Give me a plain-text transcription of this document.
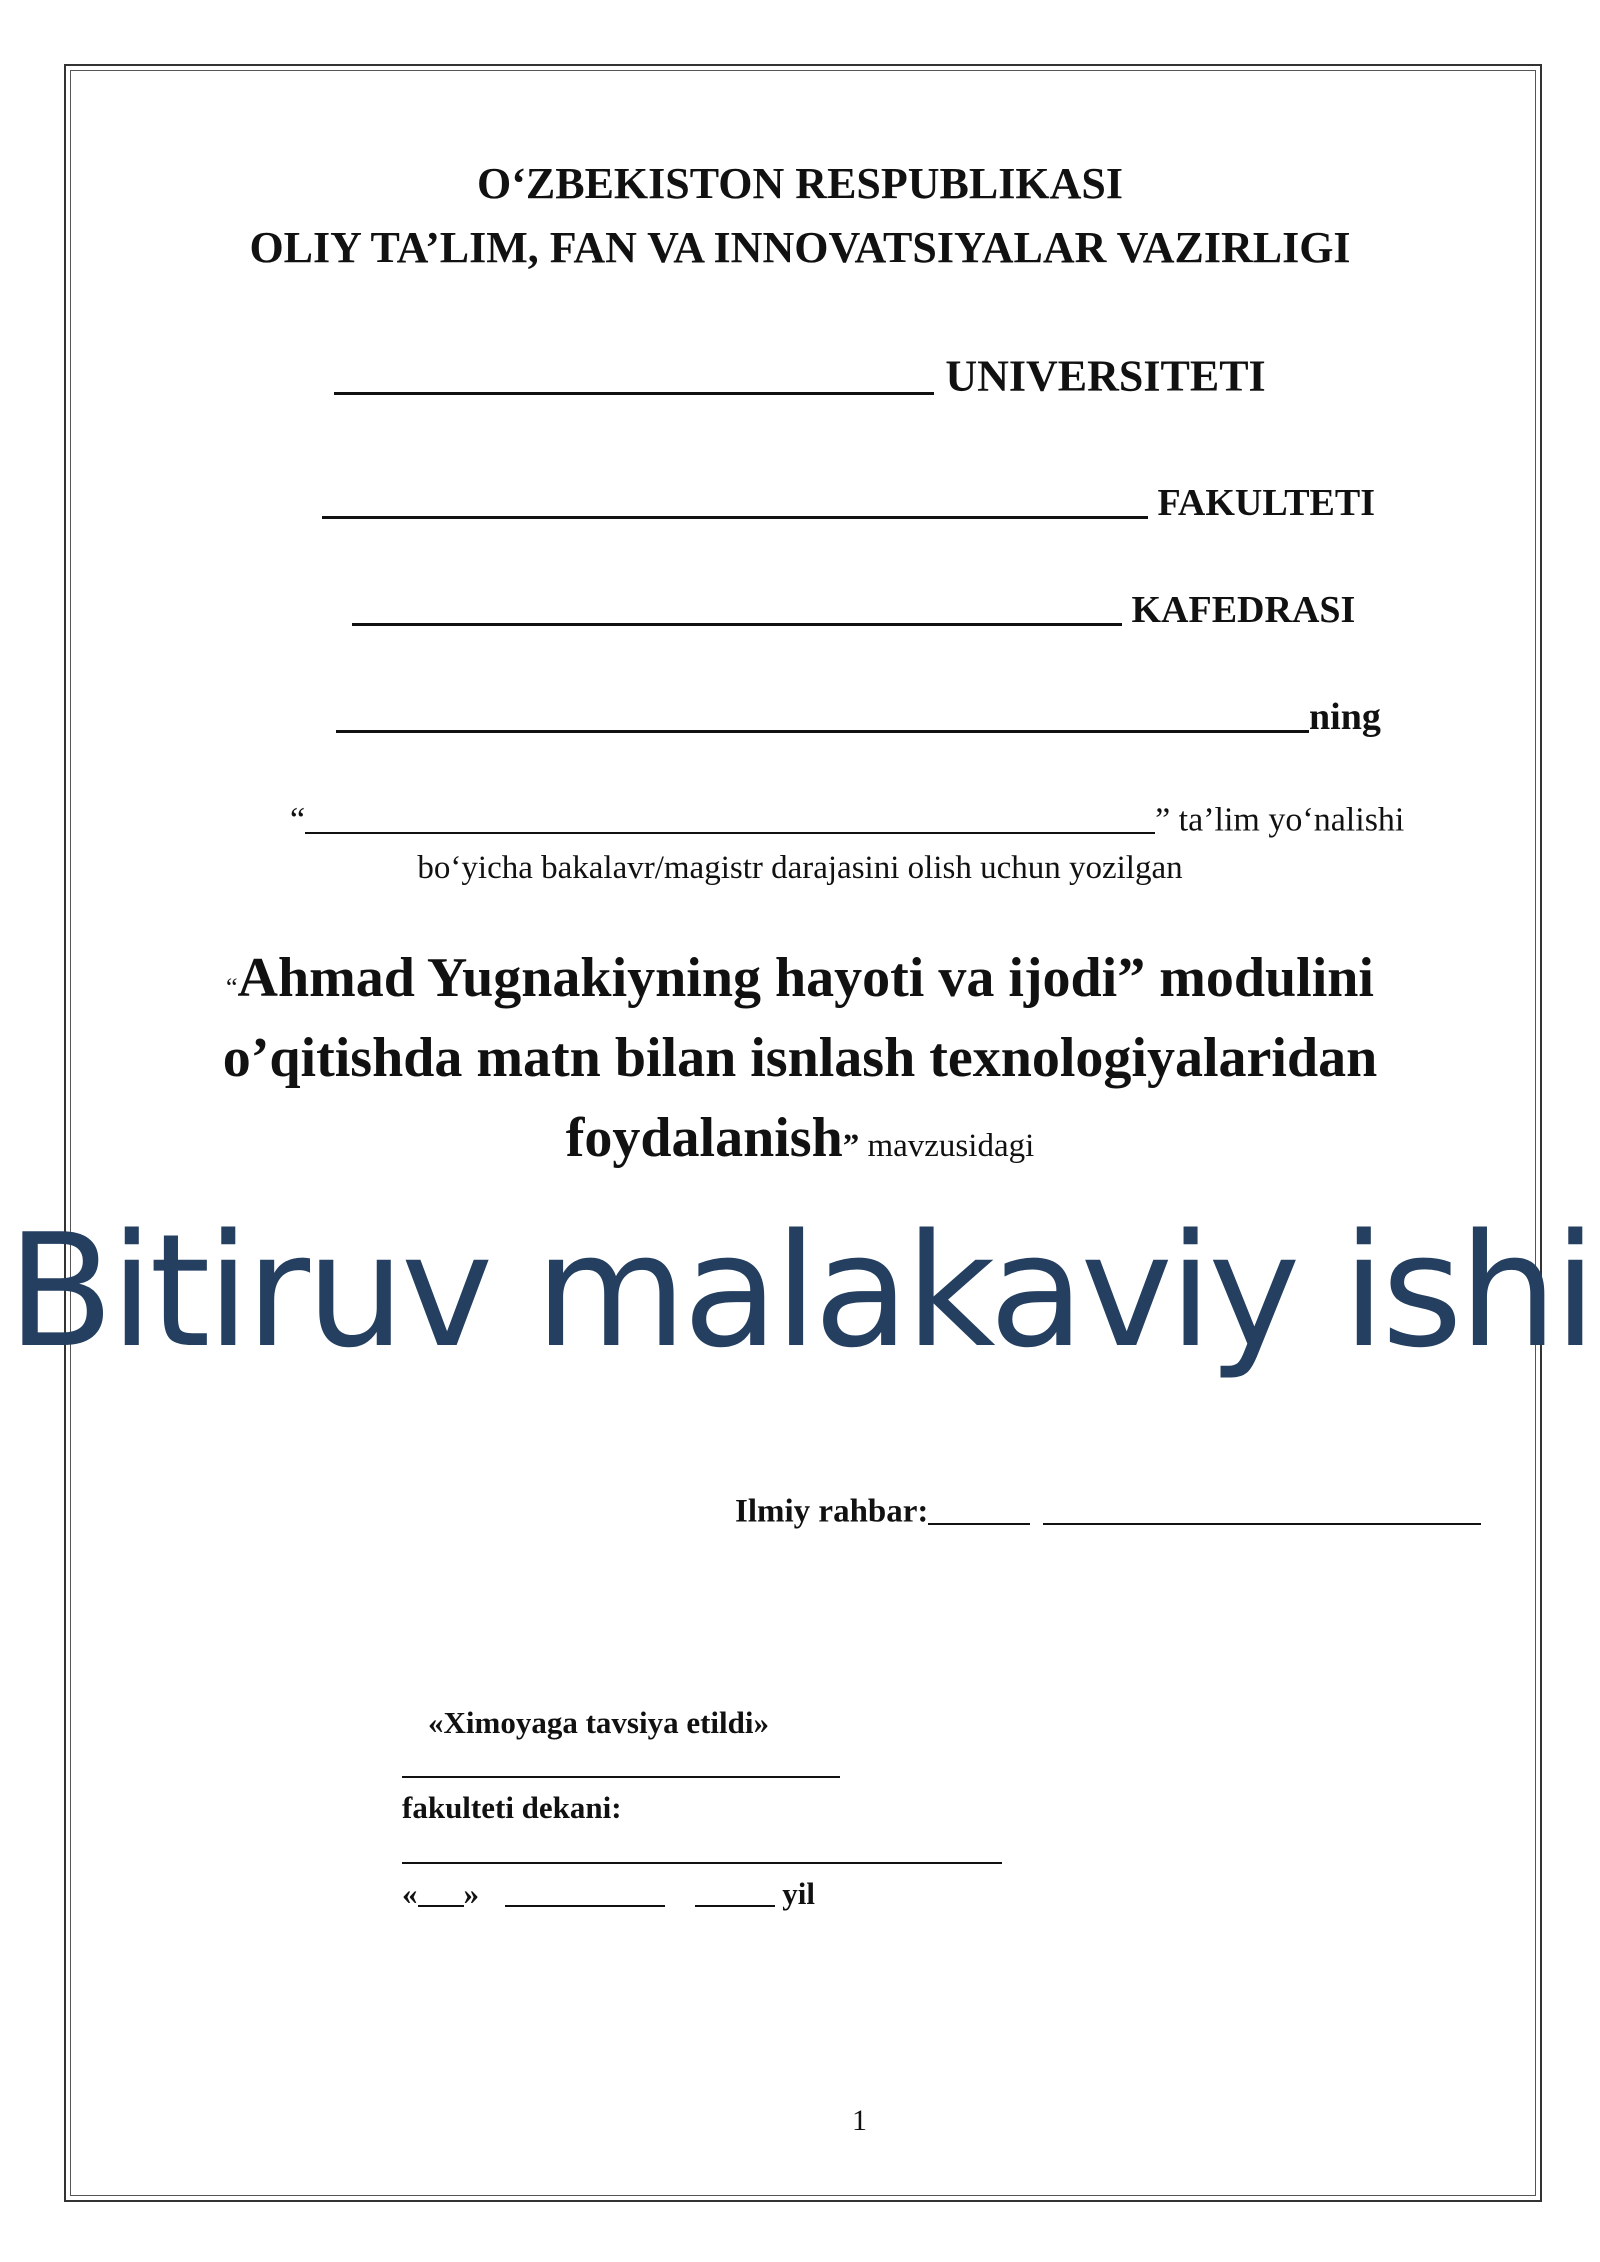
O‘ZBEKISTON RESPUBLIKASI
OLIY TA’LIM, FAN VA INNOVATSIYALAR VAZIRLIGI
UNIVERSITETI
FAKULTETI
KAFEDRASI
ning
“	” ta’lim yo‘nalishi
bo‘yicha bakalavr/magistr darajasini olish uchun yozilgan
“Ahmad Yugnakiyning hayoti va ijodi” modulini
o’qitishda matn bilan isnlash texnologiyalaridan
foydalanish” mavzusidagi
Bitiruv malakaviy ishi
Ilmiy rahbar:
«Ximoyaga tavsiya etildi»
fakulteti dekani:
« »	yil
1
